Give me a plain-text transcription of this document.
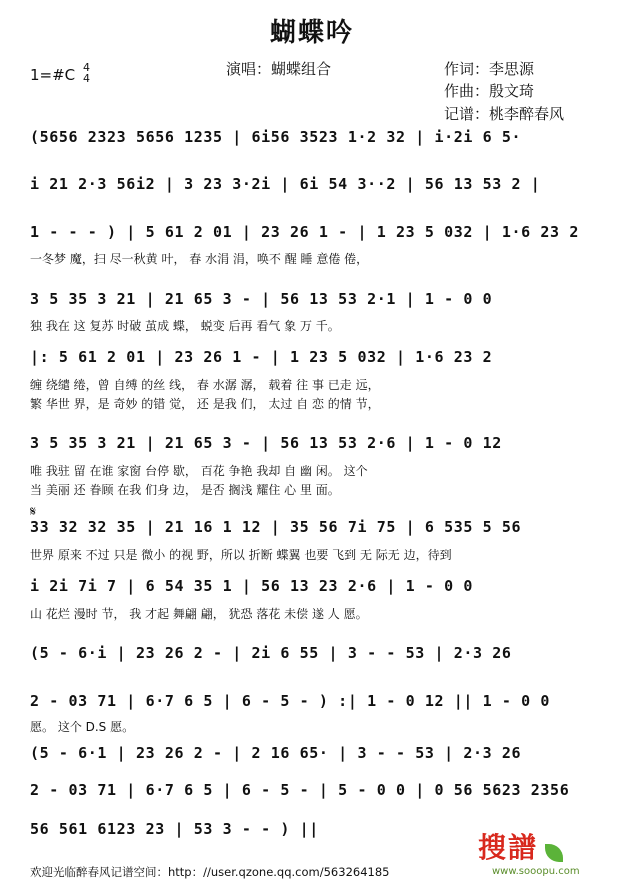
蝴蝶吟
演唱：蝴蝶组合	作词：李思源
作曲：殷文琦
记谱：桃李醉春风
1=#C 4
4
(5656 2323 5656 1235 | 6i56 3523 1·2 32 | i·2i 6 5·
i 21 2·3 56i2 | 3 23 3·2i | 6i 54 3··2 | 56 13 53 2 |
1 - - - ) | 5 61 2 01 | 23 26 1 - | 1 23 5 032 | 1·6 23 2
一冬梦 魔，扫 尽一秋黄 叶， 春 水涓 涓，唤不 醒 睡 意倦 倦，
3 5 35 3 21 | 21 65 3 - | 56 13 53 2·1 | 1 - 0 0
独 我在 这 复苏 时破 茧成 蝶， 蜕变 后再 看气 象 万 千。
|: 5 61 2 01 | 23 26 1 - | 1 23 5 032 | 1·6 23 2
缠 绕缱 绻，曾 自缚 的丝 线， 春 水潺 潺， 载着 往 事 已走 远，
繁 华世 界，是 奇妙 的错 觉， 还 是我 们， 太过 自 恋 的情 节，
3 5 35 3 21 | 21 65 3 - | 56 13 53 2·6 | 1 - 0 12
唯 我驻 留 在谁 家窗 台停 歇， 百花 争艳 我却 自 幽 闲。 这个
当 美丽 还 眷顾 在我 们身 边， 是否 搁浅 耀住 心 里 面。
𝄋
33 32 32 35 | 21 16 1 12 | 35 56 7i 75 | 6 535 5 56
世界 原来 不过 只是 微小 的视 野，所以 折断 蝶翼 也要 飞到 无 际无 边，待到
i 2i 7i 7 | 6 54 35 1 | 56 13 23 2·6 | 1 - 0 0
山 花烂 漫时 节， 我 才起 舞翩 翩， 犹恐 落花 未偿 遂 人 愿。
(5 - 6·i | 23 26 2 - | 2i 6 55 | 3 - - 53 | 2·3 26
2 - 03 71 | 6·7 6 5 | 6 - 5 - ) :| 1 - 0 12 || 1 - 0 0
愿。 这个 D.S 愿。
(5 - 6·1 | 23 26 2 - | 2 16 65· | 3 - - 53 | 2·3 26
2 - 03 71 | 6·7 6 5 | 6 - 5 - | 5 - 0 0 | 0 56 5623 2356
56 561 6123 23 | 53 3 - - ) ||
欢迎光临醉春风记谱空间：http：//user.qzone.qq.com/563264185
搜譜
www.sooopu.com
